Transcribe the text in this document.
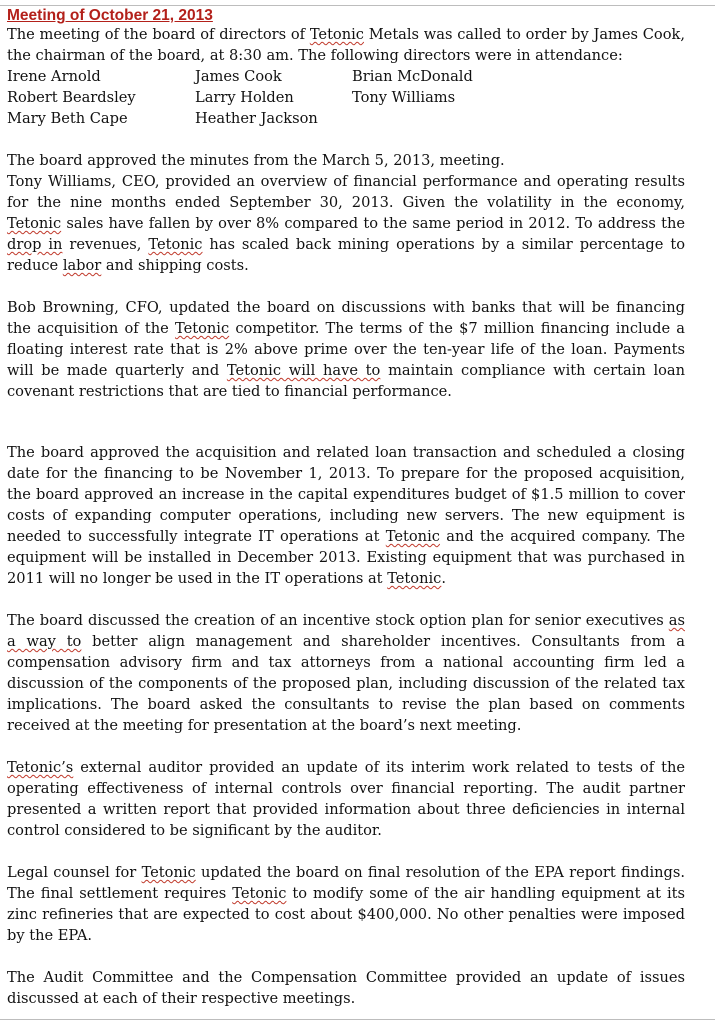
Meeting of October 21, 2013

The meeting of the board of directors of Tetonic Metals was called to order by James Cook, the chairman of the board, at 8:30 am. The following directors were in attendance:

Irene Arnold	James Cook	Brian McDonald
Robert Beardsley	Larry Holden	Tony Williams
Mary Beth Cape	Heather Jackson

The board approved the minutes from the March 5, 2013, meeting.

Tony Williams, CEO, provided an overview of financial performance and operating results for the nine months ended September 30, 2013. Given the volatility in the economy, Tetonic sales have fallen by over 8% compared to the same period in 2012. To address the drop in revenues, Tetonic has scaled back mining operations by a similar percentage to reduce labor and shipping costs.

Bob Browning, CFO, updated the board on discussions with banks that will be financing the acquisition of the Tetonic competitor. The terms of the $7 million financing include a floating interest rate that is 2% above prime over the ten-year life of the loan. Payments will be made quarterly and Tetonic will have to maintain compliance with certain loan covenant restrictions that are tied to financial performance.

The board approved the acquisition and related loan transaction and scheduled a closing date for the financing to be November 1, 2013. To prepare for the proposed acquisition, the board approved an increase in the capital expenditures budget of $1.5 million to cover costs of expanding computer operations, including new servers. The new equipment is needed to successfully integrate IT operations at Tetonic and the acquired company. The equipment will be installed in December 2013. Existing equipment that was purchased in 2011 will no longer be used in the IT operations at Tetonic.

The board discussed the creation of an incentive stock option plan for senior executives as a way to better align management and shareholder incentives. Consultants from a compensation advisory firm and tax attorneys from a national accounting firm led a discussion of the components of the proposed plan, including discussion of the related tax implications. The board asked the consultants to revise the plan based on comments received at the meeting for presentation at the board’s next meeting.

Tetonic’s external auditor provided an update of its interim work related to tests of the operating effectiveness of internal controls over financial reporting. The audit partner presented a written report that provided information about three deficiencies in internal control considered to be significant by the auditor.

Legal counsel for Tetonic updated the board on final resolution of the EPA report findings. The final settlement requires Tetonic to modify some of the air handling equipment at its zinc refineries that are expected to cost about $400,000. No other penalties were imposed by the EPA.

The Audit Committee and the Compensation Committee provided an update of issues discussed at each of their respective meetings.
